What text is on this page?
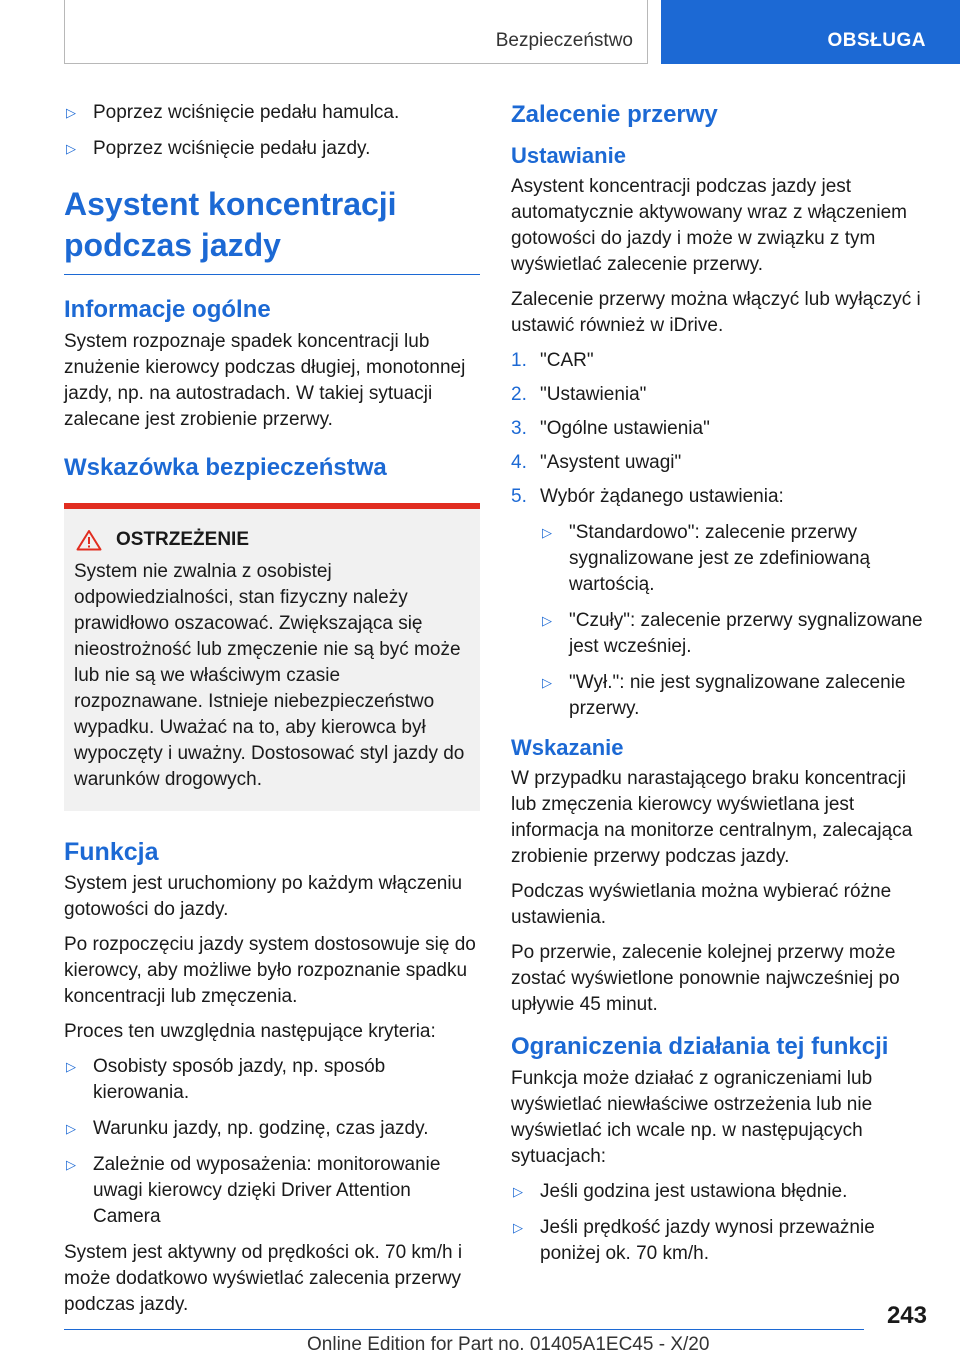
Bezpieczeństwo	OBSŁUGA
▷ Poprzez wciśnięcie pedału hamulca.
▷ Poprzez wciśnięcie pedału jazdy.
Asystent koncentracji podczas jazdy
Informacje ogólne

System rozpoznaje spadek koncentracji lub znużenie kierowcy podczas długiej, monotonnej jazdy, np. na autostradach. W takiej sytuacji zalecane jest zrobienie przerwy.

Wskazówka bezpieczeństwa
OSTRZEŻENIE

System nie zwalnia z osobistej odpowiedzialności, stan fizyczny należy prawidłowo oszacować. Zwiększająca się nieostrożność lub zmęczenie nie są być może lub nie są we właściwym czasie rozpoznawane. Istnieje niebezpieczeństwo wypadku. Uważać na to, aby kierowca był wypoczęty i uważny. Dostosować styl jazdy do warunków drogowych.

Funkcja

System jest uruchomiony po każdym włączeniu gotowości do jazdy.

Po rozpoczęciu jazdy system dostosowuje się do kierowcy, aby możliwe było rozpoznanie spadku koncentracji lub zmęczenia.

Proces ten uwzględnia następujące kryteria:

▷ Osobisty sposób jazdy, np. sposób kierowania.
▷ Warunku jazdy, np. godzinę, czas jazdy.
▷ Zależnie od wyposażenia: monitorowanie uwagi kierowcy dzięki Driver Attention Camera

System jest aktywny od prędkości ok. 70 km/h i może dodatkowo wyświetlać zalecenia przerwy podczas jazdy.

Zalecenie przerwy
Ustawianie

Asystent koncentracji podczas jazdy jest automatycznie aktywowany wraz z włączeniem gotowości do jazdy i może w związku z tym wyświetlać zalecenie przerwy.

Zalecenie przerwy można włączyć lub wyłączyć i ustawić również w iDrive.

1. "CAR"
2. "Ustawienia"
3. "Ogólne ustawienia"
4. "Asystent uwagi"
5. Wybór żądanego ustawienia:
▷ "Standardowo": zalecenie przerwy sygnalizowane jest ze zdefiniowaną wartością.
▷ "Czuły": zalecenie przerwy sygnalizowane jest wcześniej.
▷ "Wył.": nie jest sygnalizowane zalecenie przerwy.
Wskazanie

W przypadku narastającego braku koncentracji lub zmęczenia kierowcy wyświetlana jest informacja na monitorze centralnym, zalecająca zrobienie przerwy podczas jazdy.

Podczas wyświetlania można wybierać różne ustawienia.

Po przerwie, zalecenie kolejnej przerwy może zostać wyświetlone ponownie najwcześniej po upływie 45 minut.

Ograniczenia działania tej funkcji

Funkcja może działać z ograniczeniami lub wyświetlać niewłaściwe ostrzeżenia lub nie wyświetlać ich wcale np. w następujących sytuacjach:

▷ Jeśli godzina jest ustawiona błędnie.
▷ Jeśli prędkość jazdy wynosi przeważnie poniżej ok. 70 km/h.
243
Online Edition for Part no. 01405A1EC45 - X/20
